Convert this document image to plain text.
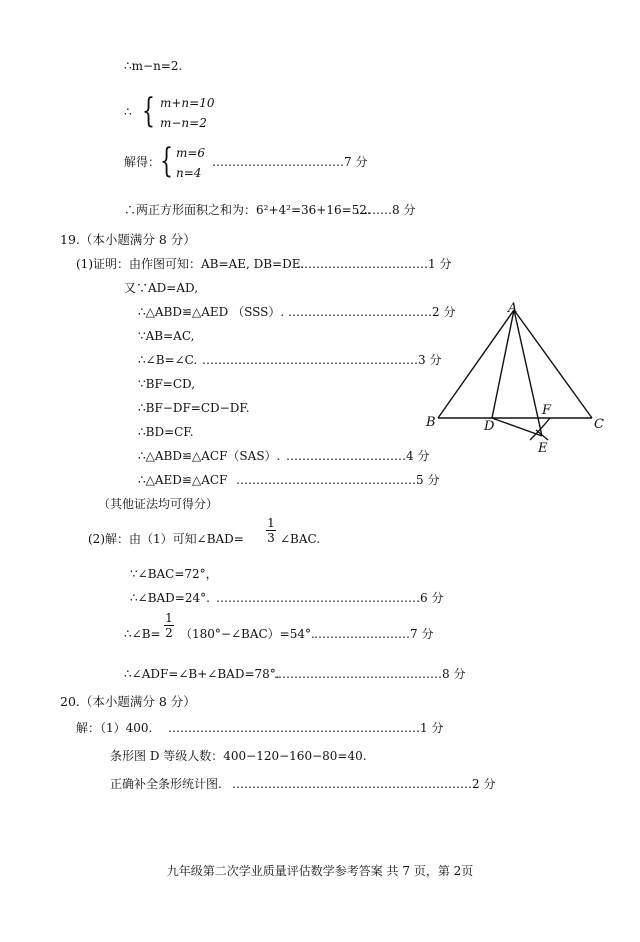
∴m−n=2.
∴ { m+n=10
m−n=2
解得： { m=6
n=4
……………………………7 分
∴两正方形面积之和为：6²+4²=36+16=52.
………8 分
19.（本小题满分 8 分）
(1)证明：由作图可知：AB=AE, DB=DE.
……………………………1 分
又∵AD=AD,
∴△ABD≌△AED （SSS）. ………………………………2 分
∵AB=AC,
∴∠B=∠C. ………………………………………………3 分
∵BF=CD,
∴BF−DF=CD−DF.
∴BD=CF.
∴△ABD≌△ACF（SAS）. …………………………4 分
∴△AED≌△ACF ………………………………………5 分
（其他证法均可得分）
(2)解：由（1）可知∠BAD=
1
3 ∠BAC.
∵∠BAC=72°，
∴∠BAD=24°. ……………………………………………6 分
∴∠B=
1
2 （180°−∠BAC）=54°. ……………………7 分
∴∠ADF=∠B+∠BAD=78°.
……………………………………8 分
20.（本小题满分 8 分）
解：（1）400. ………………………………………………………1 分
条形图 D 等级人数：400−120−160−80=40.
正确补全条形统计图. ……………………………………………………2 分
A
B	C
D
E
F
九年级第二次学业质量评估数学参考答案 共 7 页，第 2页
